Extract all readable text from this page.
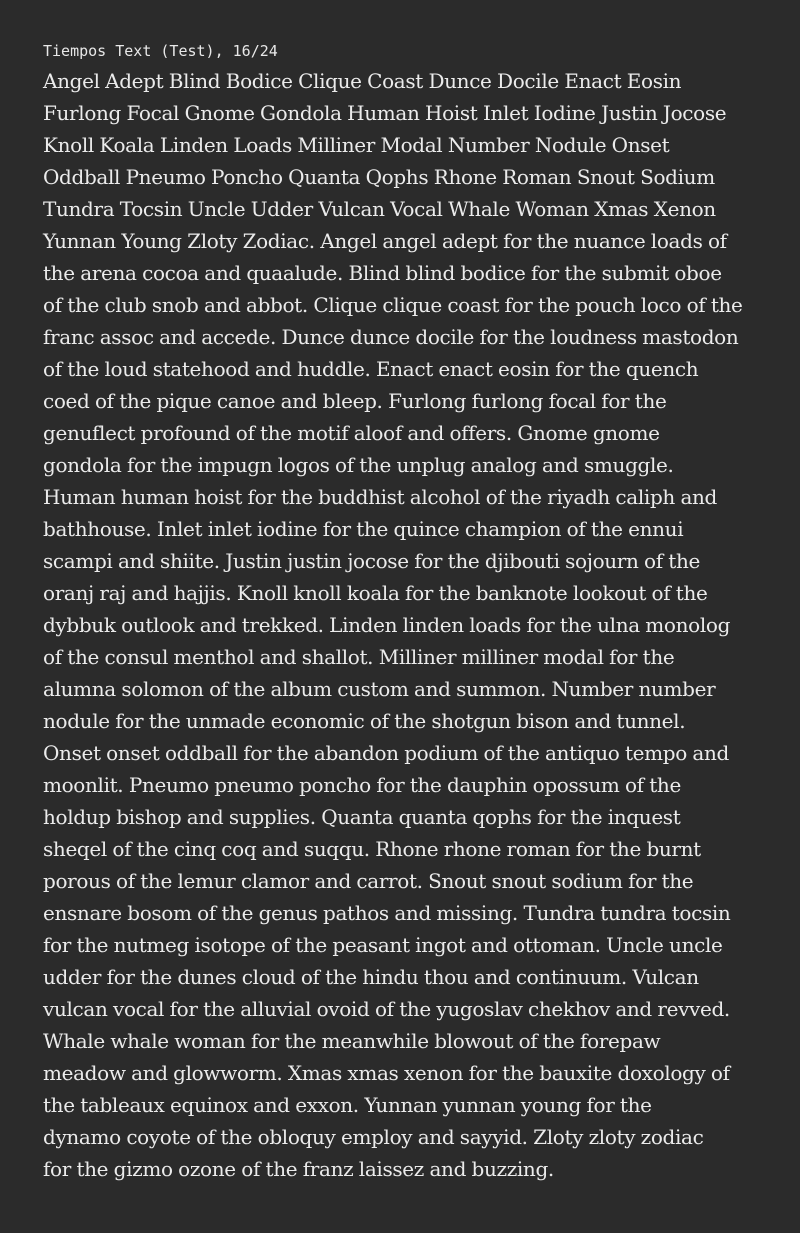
Tiempos Text (Test), 16/24

Angel Adept Blind Bodice Clique Coast Dunce Docile Enact Eosin
Furlong Focal Gnome Gondola Human Hoist Inlet Iodine Justin Jocose
Knoll Koala Linden Loads Milliner Modal Number Nodule Onset
Oddball Pneumo Poncho Quanta Qophs Rhone Roman Snout Sodium
Tundra Tocsin Uncle Udder Vulcan Vocal Whale Woman Xmas Xenon
Yunnan Young Zloty Zodiac. Angel angel adept for the nuance loads of
the arena cocoa and quaalude. Blind blind bodice for the submit oboe
of the club snob and abbot. Clique clique coast for the pouch loco of the
franc assoc and accede. Dunce dunce docile for the loudness mastodon
of the loud statehood and huddle. Enact enact eosin for the quench
coed of the pique canoe and bleep. Furlong furlong focal for the
genuflect profound of the motif aloof and offers. Gnome gnome
gondola for the impugn logos of the unplug analog and smuggle.
Human human hoist for the buddhist alcohol of the riyadh caliph and
bathhouse. Inlet inlet iodine for the quince champion of the ennui
scampi and shiite. Justin justin jocose for the djibouti sojourn of the
oranj raj and hajjis. Knoll knoll koala for the banknote lookout of the
dybbuk outlook and trekked. Linden linden loads for the ulna monolog
of the consul menthol and shallot. Milliner milliner modal for the
alumna solomon of the album custom and summon. Number number
nodule for the unmade economic of the shotgun bison and tunnel.
Onset onset oddball for the abandon podium of the antiquo tempo and
moonlit. Pneumo pneumo poncho for the dauphin opossum of the
holdup bishop and supplies. Quanta quanta qophs for the inquest
sheqel of the cinq coq and suqqu. Rhone rhone roman for the burnt
porous of the lemur clamor and carrot. Snout snout sodium for the
ensnare bosom of the genus pathos and missing. Tundra tundra tocsin
for the nutmeg isotope of the peasant ingot and ottoman. Uncle uncle
udder for the dunes cloud of the hindu thou and continuum. Vulcan
vulcan vocal for the alluvial ovoid of the yugoslav chekhov and revved.
Whale whale woman for the meanwhile blowout of the forepaw
meadow and glowworm. Xmas xmas xenon for the bauxite doxology of
the tableaux equinox and exxon. Yunnan yunnan young for the
dynamo coyote of the obloquy employ and sayyid. Zloty zloty zodiac
for the gizmo ozone of the franz laissez and buzzing.
